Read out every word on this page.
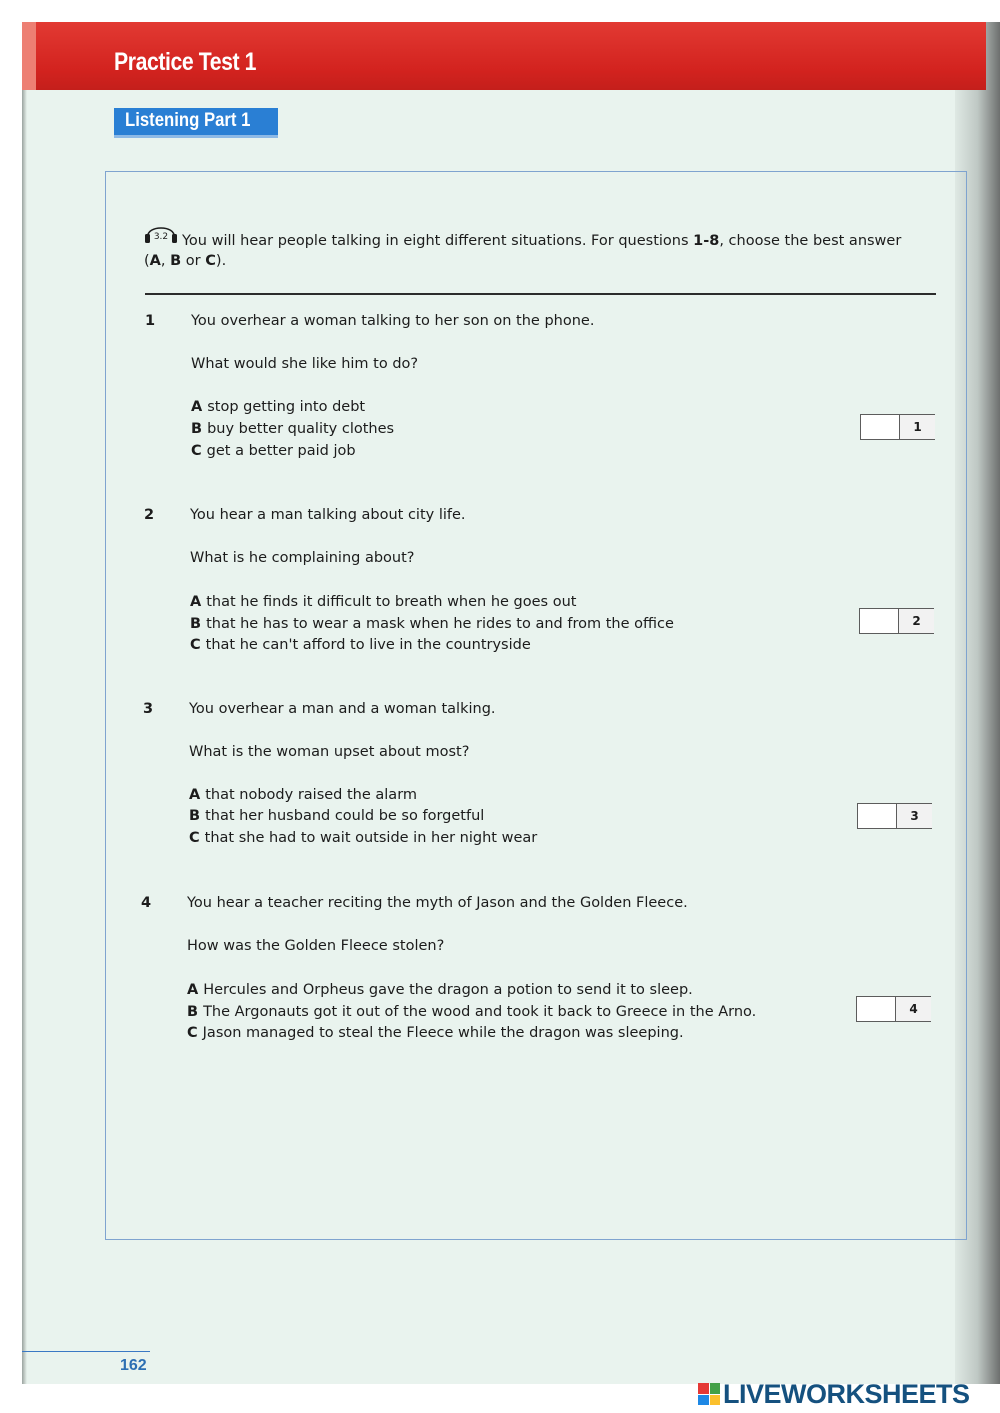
Practice Test 1
Listening Part 1
3.2 You will hear people talking in eight different situations. For questions 1-8, choose the best answer (A, B or C).
1 You overhear a woman talking to her son on the phone.
What would she like him to do?
A stop getting into debt
B buy better quality clothes
C get a better paid job
1
2 You hear a man talking about city life.
What is he complaining about?
A that he finds it difficult to breath when he goes out
B that he has to wear a mask when he rides to and from the office
C that he can't afford to live in the countryside
2
3 You overhear a man and a woman talking.
What is the woman upset about most?
A that nobody raised the alarm
B that her husband could be so forgetful
C that she had to wait outside in her night wear
3
4 You hear a teacher reciting the myth of Jason and the Golden Fleece.
How was the Golden Fleece stolen?
A Hercules and Orpheus gave the dragon a potion to send it to sleep.
B The Argonauts got it out of the wood and took it back to Greece in the Arno.
C Jason managed to steal the Fleece while the dragon was sleeping.
4
162
LIVEWORKSHEETS
